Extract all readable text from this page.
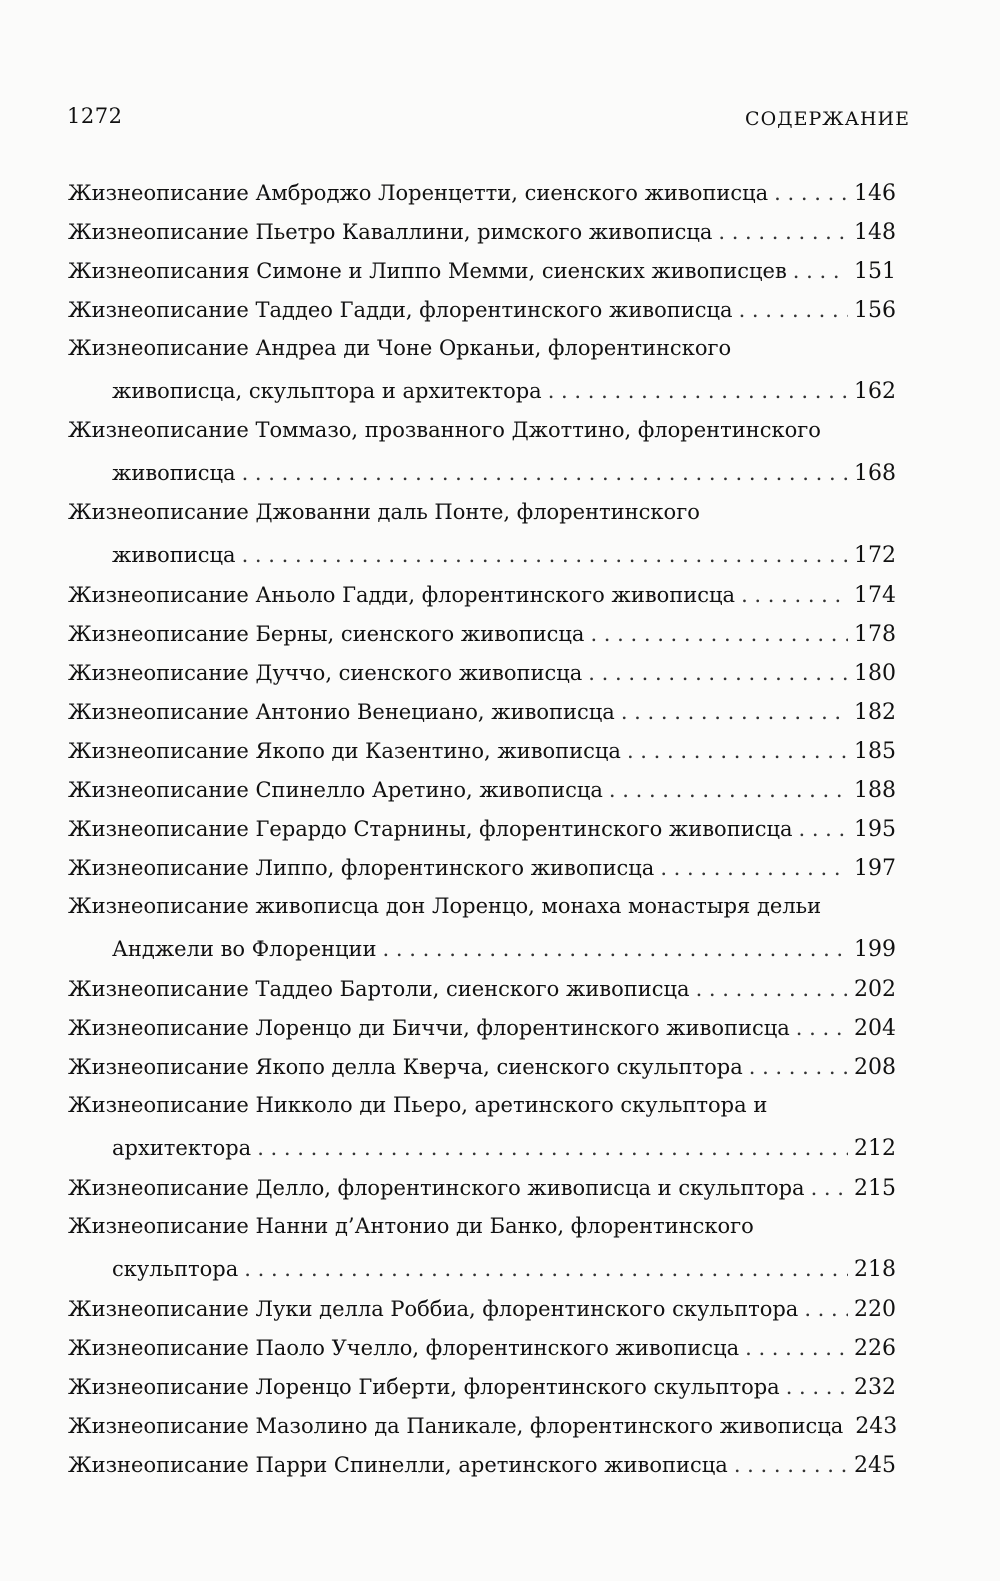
1272	СОДЕРЖАНИЕ
Жизнеописание Амброджо Лоренцетти, сиенского живописца . . .	146
Жизнеописание Пьетро Каваллини, римского живописца . . .	148
Жизнеописания Симоне и Липпо Мемми, сиенских живописцев . . .	151
Жизнеописание Таддео Гадди, флорентинского живописца . . .	156
Жизнеописание Андреа ди Чоне Орканьи, флорентинского
живописца, скульптора и архитектора . . .	162
Жизнеописание Томмазо, прозванного Джоттино, флорентинского
живописца . . .	168
Жизнеописание Джованни даль Понте, флорентинского
живописца . . .	172
Жизнеописание Аньоло Гадди, флорентинского живописца . . .	174
Жизнеописание Берны, сиенского живописца . . .	178
Жизнеописание Дуччо, сиенского живописца . . .	180
Жизнеописание Антонио Венециано, живописца . . .	182
Жизнеописание Якопо ди Казентино, живописца . . .	185
Жизнеописание Спинелло Аретино, живописца . . .	188
Жизнеописание Герардо Старнины, флорентинского живописца . . .	195
Жизнеописание Липпо, флорентинского живописца . . .	197
Жизнеописание живописца дон Лоренцо, монаха монастыря дельи
Анджели во Флоренции . . .	199
Жизнеописание Таддео Бартоли, сиенского живописца . . .	202
Жизнеописание Лоренцо ди Биччи, флорентинского живописца . . .	204
Жизнеописание Якопо делла Кверча, сиенского скульптора . . .	208
Жизнеописание Никколо ди Пьеро, аретинского скульптора и
архитектора . . .	212
Жизнеописание Делло, флорентинского живописца и скульптора . . . 215
Жизнеописание Нанни д’Антонио ди Банко, флорентинского
скульптора . . .	218
Жизнеописание Луки делла Роббиа, флорентинского скульптора . . .	220
Жизнеописание Паоло Учелло, флорентинского живописца . . .	226
Жизнеописание Лоренцо Гиберти, флорентинского скульптора . . .	232
Жизнеописание Мазолино да Паникале, флорентинского живописца . . . 243
Жизнеописание Парри Спинелли, аретинского живописца . . .	245
